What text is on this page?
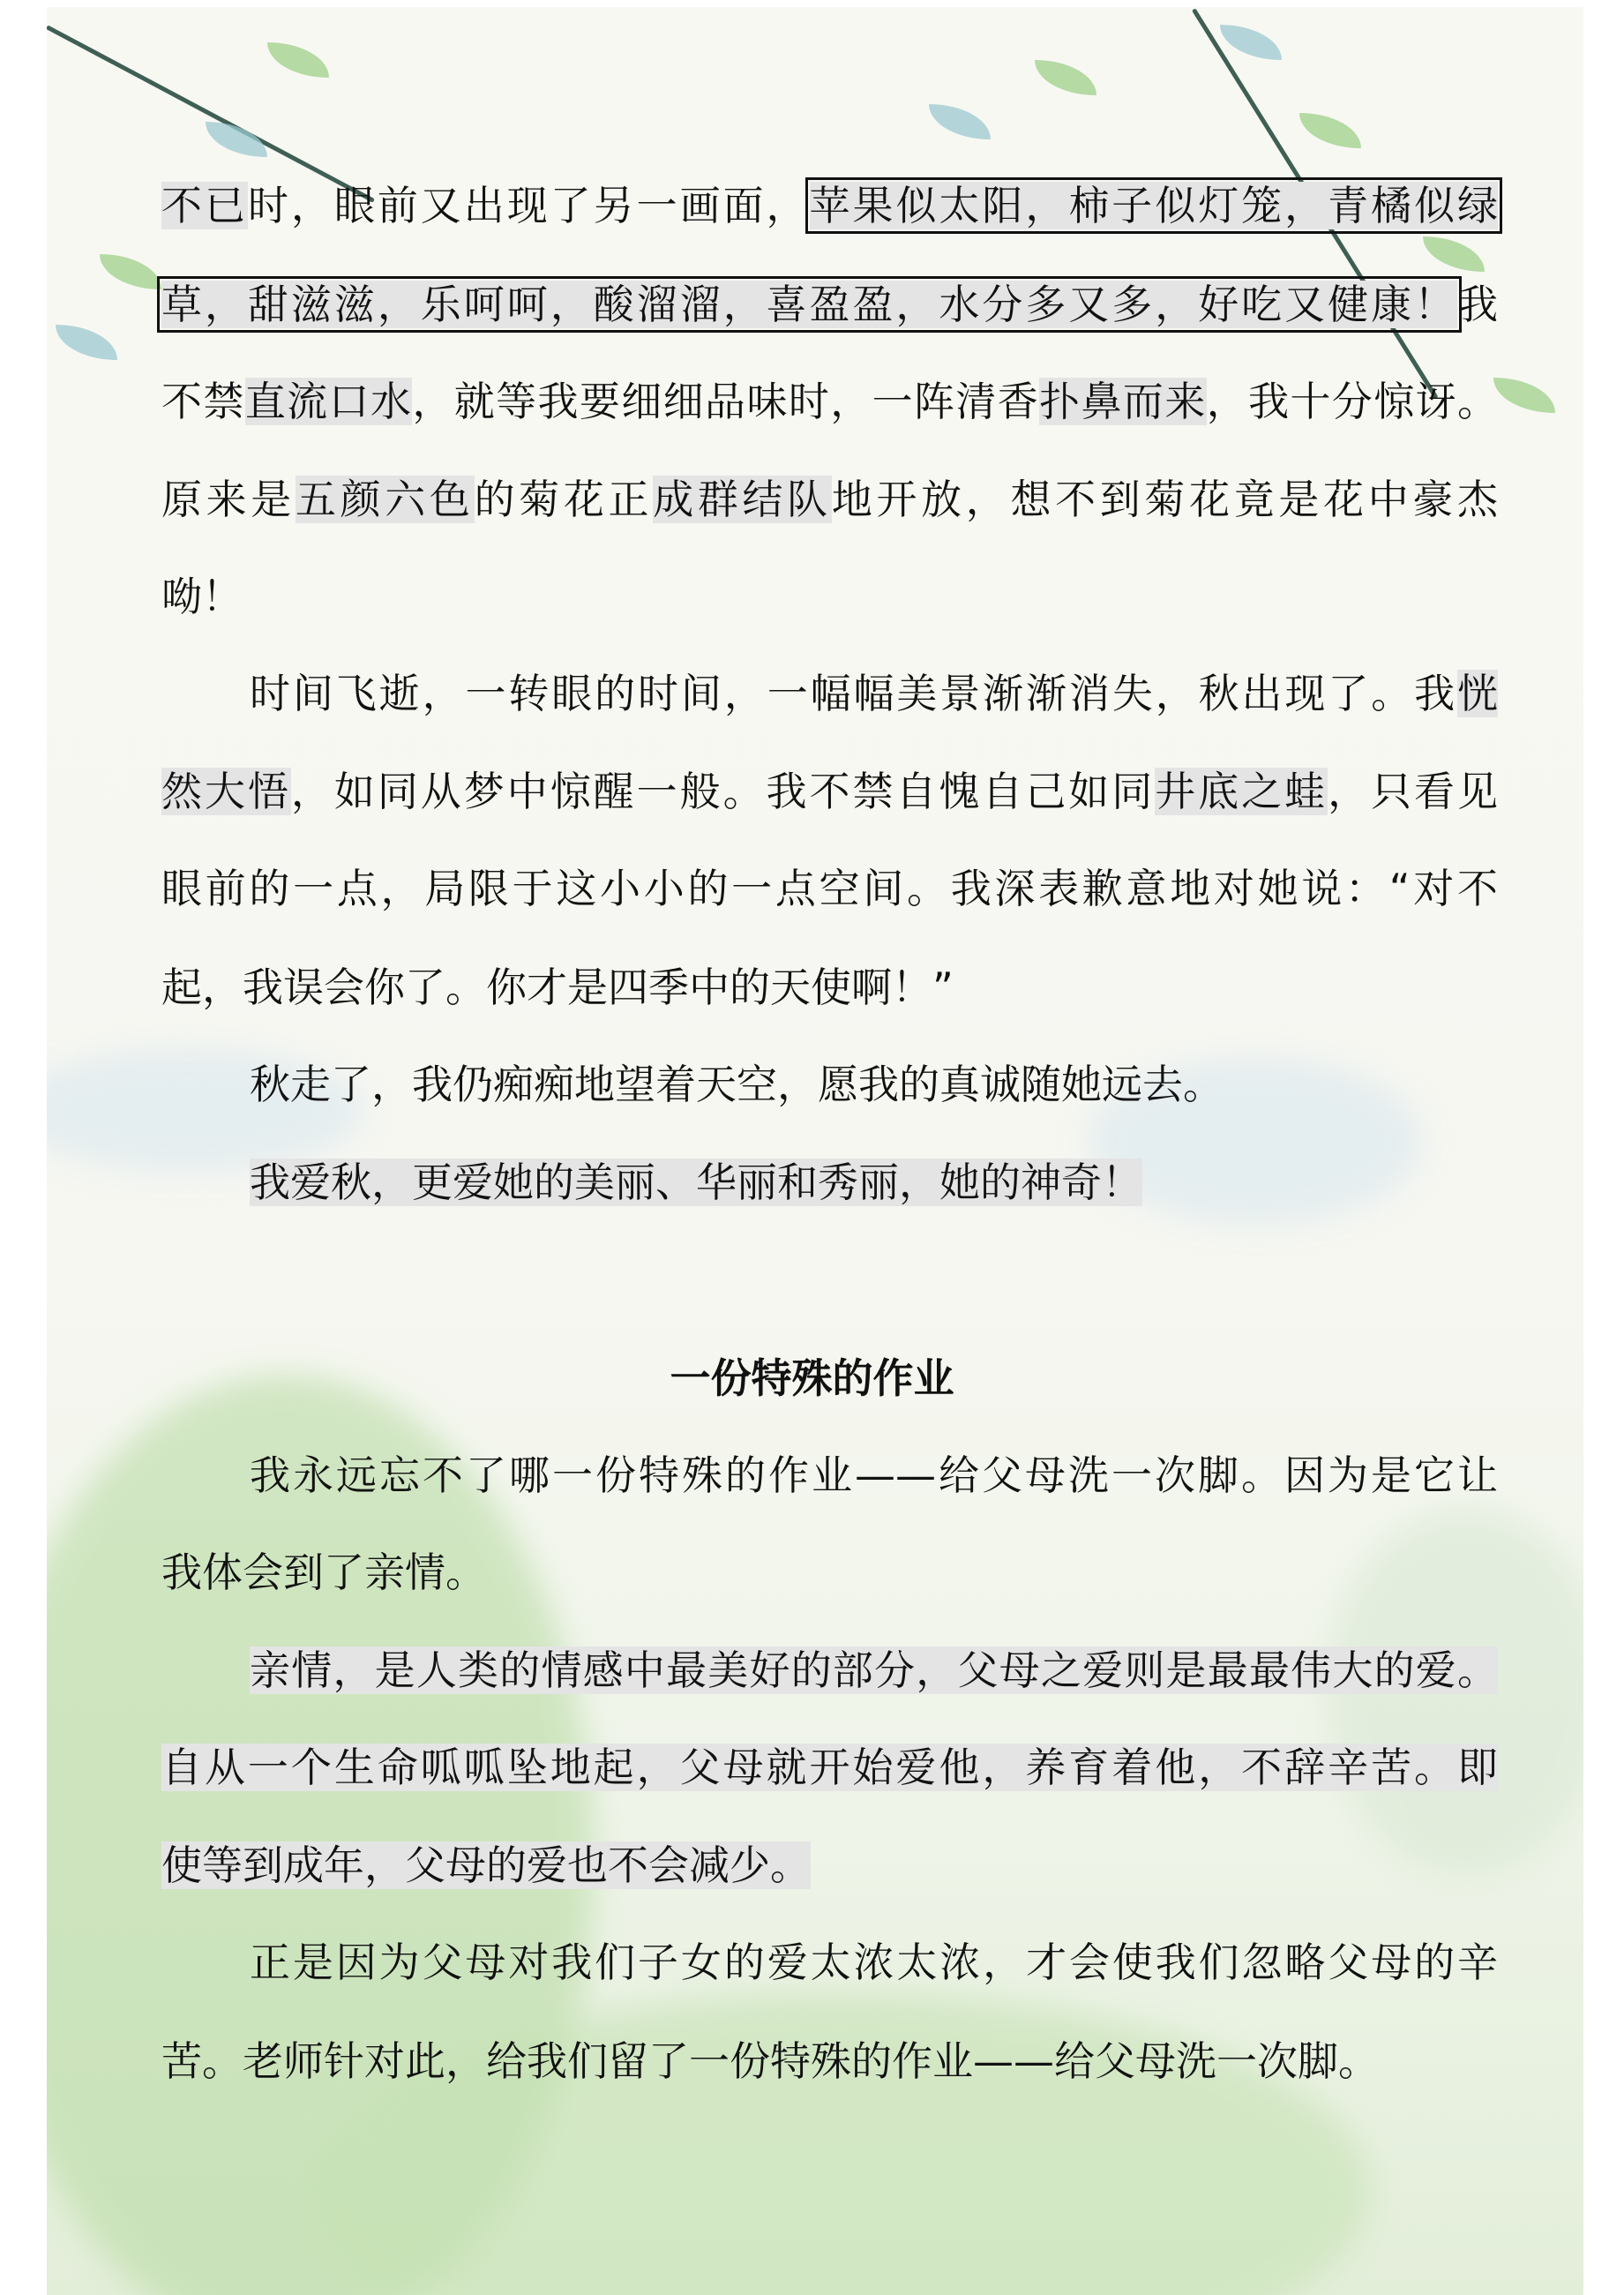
不已时，眼前又出现了另一画面，苹果似太阳，柿子似灯笼，青橘似绿
草，甜滋滋，乐呵呵，酸溜溜，喜盈盈，水分多又多，好吃又健康！我
不禁直流口水，就等我要细细品味时，一阵清香扑鼻而来，我十分惊讶。
原来是五颜六色的菊花正成群结队地开放，想不到菊花竟是花中豪杰
呦！
时间飞逝，一转眼的时间，一幅幅美景渐渐消失，秋出现了。我恍
然大悟，如同从梦中惊醒一般。我不禁自愧自己如同井底之蛙，只看见
眼前的一点，局限于这小小的一点空间。我深表歉意地对她说：“对不
起，我误会你了。你才是四季中的天使啊！”
秋走了，我仍痴痴地望着天空，愿我的真诚随她远去。
我爱秋，更爱她的美丽、华丽和秀丽，她的神奇！
一份特殊的作业
我永远忘不了哪一份特殊的作业——给父母洗一次脚。因为是它让
我体会到了亲情。
亲情，是人类的情感中最美好的部分，父母之爱则是最最伟大的爱。
自从一个生命呱呱坠地起，父母就开始爱他，养育着他，不辞辛苦。即
使等到成年，父母的爱也不会减少。
正是因为父母对我们子女的爱太浓太浓，才会使我们忽略父母的辛
苦。老师针对此，给我们留了一份特殊的作业——给父母洗一次脚。
